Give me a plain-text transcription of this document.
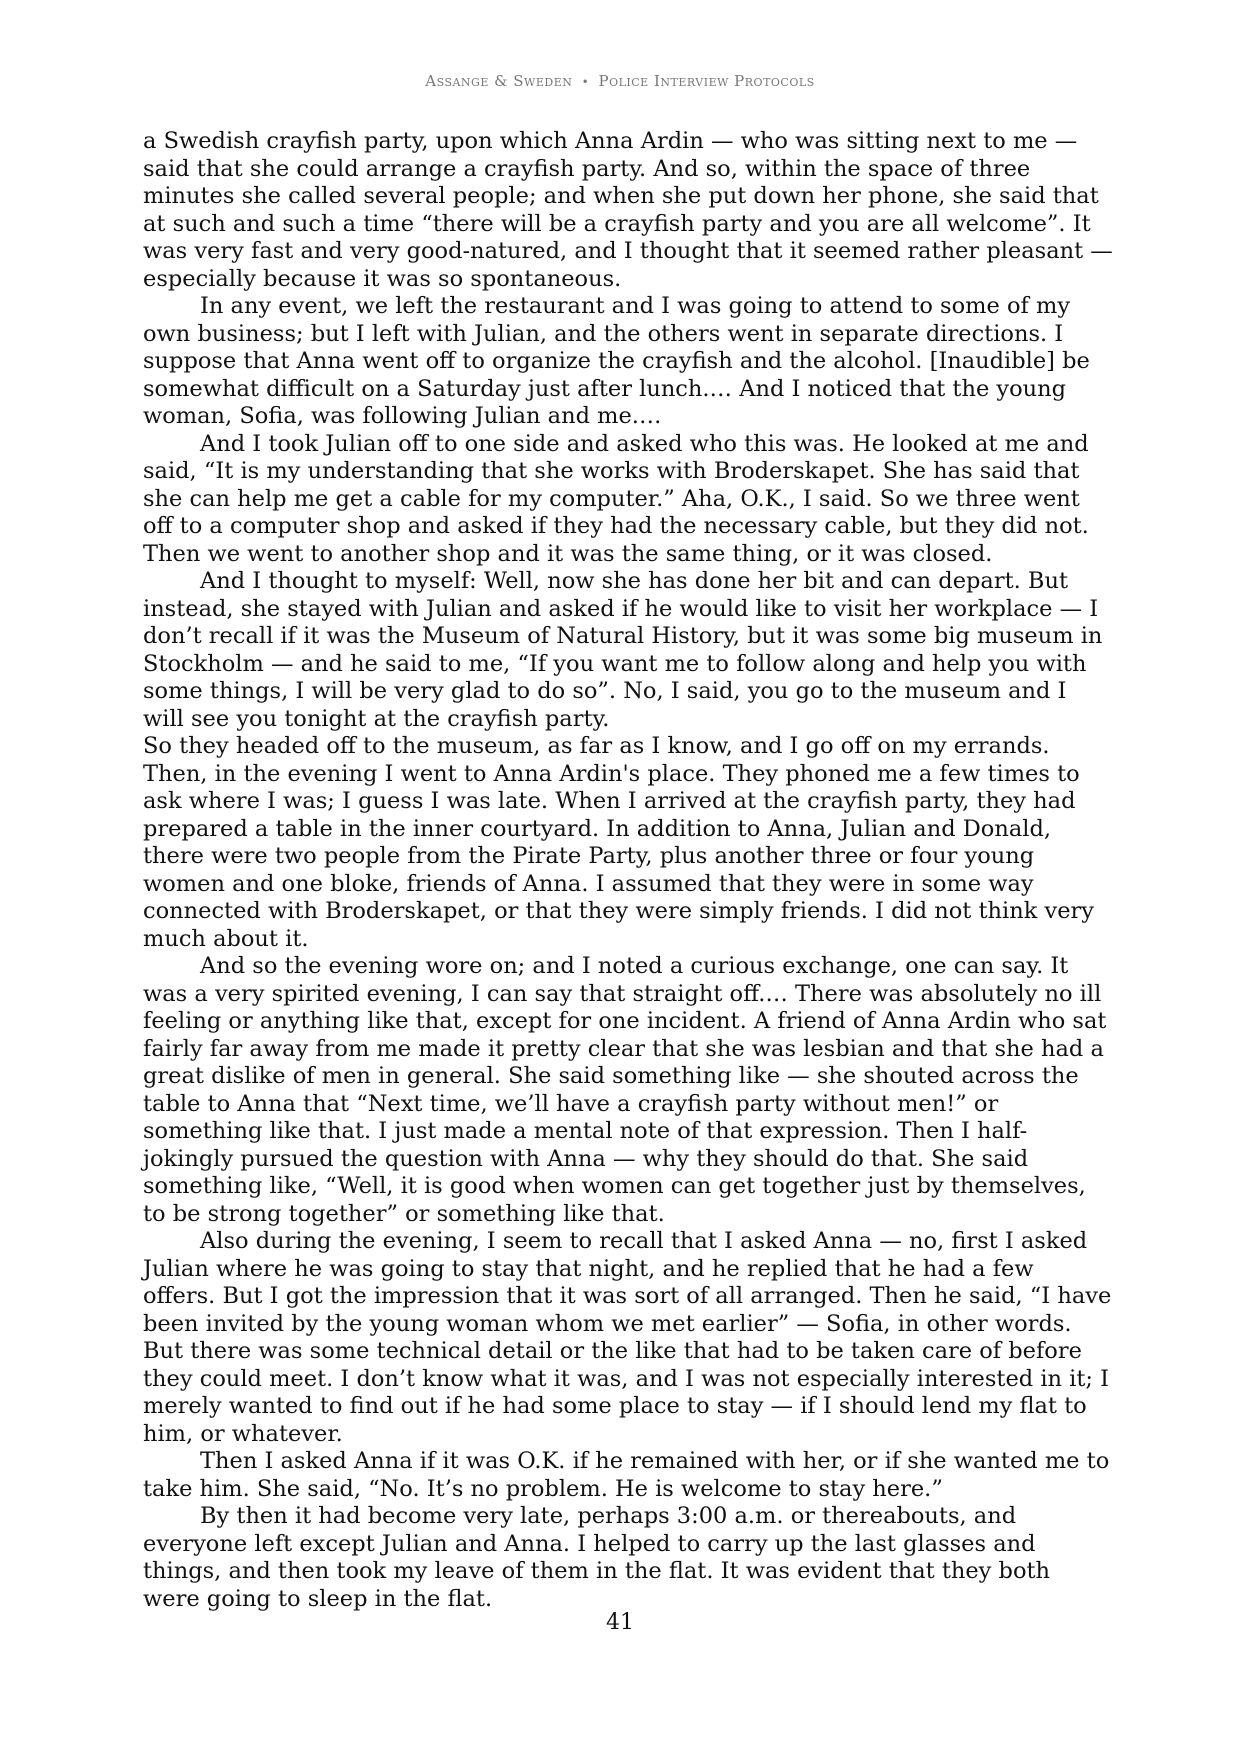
Assange & Sweden • Police Interview Protocols

a Swedish crayfish party, upon which Anna Ardin — who was sitting next to me — said that she could arrange a crayfish party. And so, within the space of three minutes she called several people; and when she put down her phone, she said that at such and such a time “there will be a crayfish party and you are all welcome”. It was very fast and very good-natured, and I thought that it seemed rather pleasant — especially because it was so spontaneous.

In any event, we left the restaurant and I was going to attend to some of my own business; but I left with Julian, and the others went in separate directions. I suppose that Anna went off to organize the crayfish and the alcohol. [Inaudible] be somewhat difficult on a Saturday just after lunch.… And I noticed that the young woman, Sofia, was following Julian and me.…

And I took Julian off to one side and asked who this was. He looked at me and said, “It is my understanding that she works with Broderskapet. She has said that she can help me get a cable for my computer.” Aha, O.K., I said. So we three went off to a computer shop and asked if they had the necessary cable, but they did not. Then we went to another shop and it was the same thing, or it was closed.

And I thought to myself: Well, now she has done her bit and can depart. But instead, she stayed with Julian and asked if he would like to visit her workplace — I don’t recall if it was the Museum of Natural History, but it was some big museum in Stockholm — and he said to me, “If you want me to follow along and help you with some things, I will be very glad to do so”. No, I said, you go to the museum and I will see you tonight at the crayfish party.

So they headed off to the museum, as far as I know, and I go off on my errands. Then, in the evening I went to Anna Ardin's place. They phoned me a few times to ask where I was; I guess I was late. When I arrived at the crayfish party, they had prepared a table in the inner courtyard. In addition to Anna, Julian and Donald, there were two people from the Pirate Party, plus another three or four young women and one bloke, friends of Anna. I assumed that they were in some way connected with Broderskapet, or that they were simply friends. I did not think very much about it.

And so the evening wore on; and I noted a curious exchange, one can say. It was a very spirited evening, I can say that straight off.… There was absolutely no ill feeling or anything like that, except for one incident. A friend of Anna Ardin who sat fairly far away from me made it pretty clear that she was lesbian and that she had a great dislike of men in general. She said something like — she shouted across the table to Anna that “Next time, we’ll have a crayfish party without men!” or something like that. I just made a mental note of that expression. Then I half-jokingly pursued the question with Anna — why they should do that. She said something like, “Well, it is good when women can get together just by themselves, to be strong together” or something like that.

Also during the evening, I seem to recall that I asked Anna — no, first I asked Julian where he was going to stay that night, and he replied that he had a few offers. But I got the impression that it was sort of all arranged. Then he said, “I have been invited by the young woman whom we met earlier” — Sofia, in other words. But there was some technical detail or the like that had to be taken care of before they could meet. I don’t know what it was, and I was not especially interested in it; I merely wanted to find out if he had some place to stay — if I should lend my flat to him, or whatever.

Then I asked Anna if it was O.K. if he remained with her, or if she wanted me to take him. She said, “No. It’s no problem. He is welcome to stay here.”

By then it had become very late, perhaps 3:00 a.m. or thereabouts, and everyone left except Julian and Anna. I helped to carry up the last glasses and things, and then took my leave of them in the flat. It was evident that they both were going to sleep in the flat.

41
